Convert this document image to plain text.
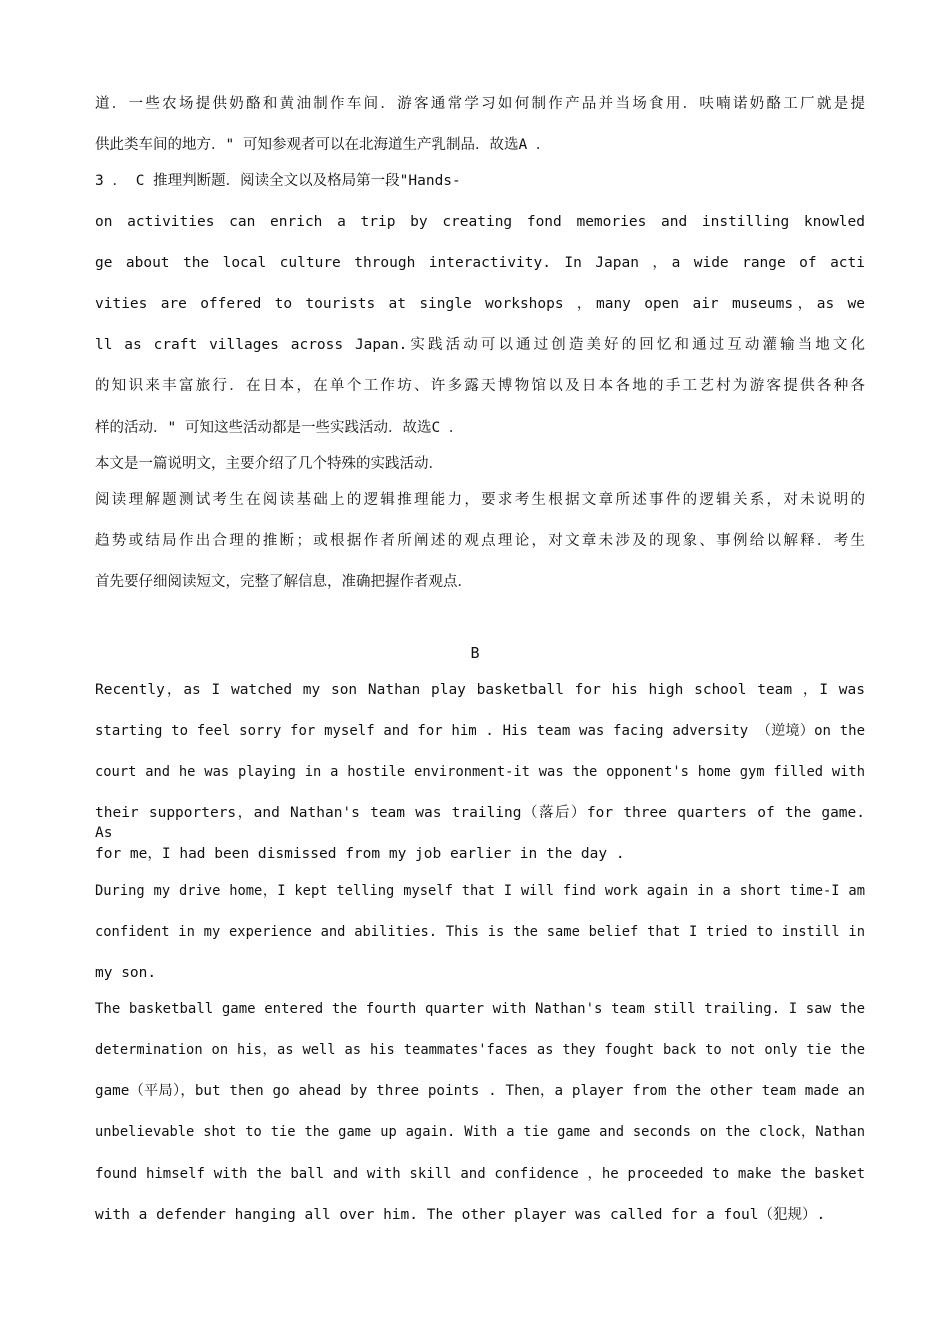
道．一些农场提供奶酪和黄油制作车间．游客通常学习如何制作产品并当场食用．呋喃诺奶酪工厂就是提
供此类车间的地方．" 可知参观者可以在北海道生产乳制品．故选A ．
3 ． C 推理判断题．阅读全文以及格局第一段"Hands-
on activities can enrich a trip by creating fond memories and instilling knowled
ge about the local culture through interactivity. In Japan ，a wide range of acti
vities are offered to tourists at single workshops ，many open air museums，as we
ll as craft villages across Japan.实践活动可以通过创造美好的回忆和通过互动灌输当地文化
的知识来丰富旅行．在日本，在单个工作坊、许多露天博物馆以及日本各地的手工艺村为游客提供各种各
样的活动．" 可知这些活动都是一些实践活动．故选C ．
本文是一篇说明文，主要介绍了几个特殊的实践活动．
阅读理解题测试考生在阅读基础上的逻辑推理能力，要求考生根据文章所述事件的逻辑关系，对未说明的
趋势或结局作出合理的推断；或根据作者所阐述的观点理论，对文章未涉及的现象、事例给以解释．考生
首先要仔细阅读短文，完整了解信息，准确把握作者观点．
B
Recently，as I watched my son Nathan play basketball for his high school team ，I was
starting to feel sorry for myself and for him . His team was facing adversity （逆境）on the
court and he was playing in a hostile environment-it was the opponent's home gym filled with
their supporters，and Nathan's team was trailing（落后）for three quarters of the game. As
for me，I had been dismissed from my job earlier in the day .
During my drive home，I kept telling myself that I will find work again in a short time-I am
confident in my experience and abilities. This is the same belief that I tried to instill in
my son.
The basketball game entered the fourth quarter with Nathan's team still trailing. I saw the
determination on his，as well as his teammates'faces as they fought back to not only tie the
game（平局），but then go ahead by three points . Then，a player from the other team made an
unbelievable shot to tie the game up again. With a tie game and seconds on the clock，Nathan
found himself with the ball and with skill and confidence ，he proceeded to make the basket
with a defender hanging all over him. The other player was called for a foul（犯规）.
